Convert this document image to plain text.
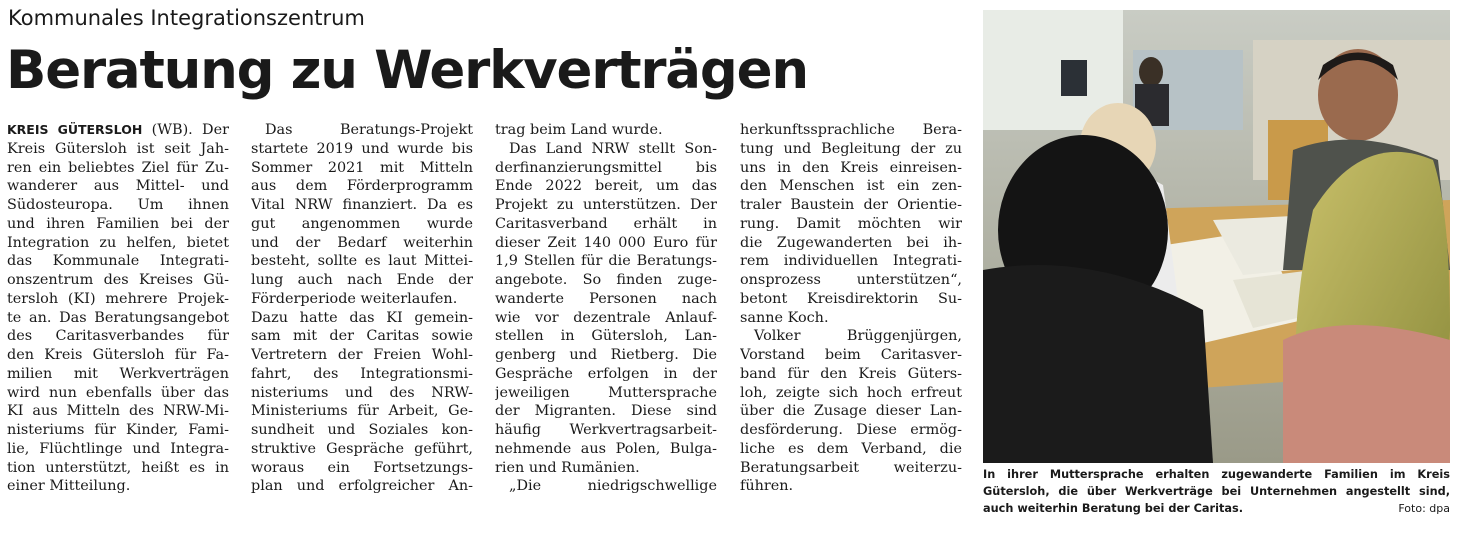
Kommunales Integrationszentrum
Beratung zu Werkverträgen
KREIS GÜTERSLOH (WB). Der
Kreis Gütersloh ist seit Jah-
ren ein beliebtes Ziel für Zu-
wanderer aus Mittel- und
Südosteuropa. Um ihnen
und ihren Familien bei der
Integration zu helfen, bietet
das Kommunale Integrati-
onszentrum des Kreises Gü-
tersloh (KI) mehrere Projek-
te an. Das Beratungsangebot
des Caritasverbandes für
den Kreis Gütersloh für Fa-
milien mit Werkverträgen
wird nun ebenfalls über das
KI aus Mitteln des NRW-Mi-
nisteriums für Kinder, Fami-
lie, Flüchtlinge und Integra-
tion unterstützt, heißt es in
einer Mitteilung.
Das Beratungs-Projekt
startete 2019 und wurde bis
Sommer 2021 mit Mitteln
aus dem Förderprogramm
Vital NRW finanziert. Da es
gut angenommen wurde
und der Bedarf weiterhin
besteht, sollte es laut Mittei-
lung auch nach Ende der
Förderperiode weiterlaufen.
Dazu hatte das KI gemein-
sam mit der Caritas sowie
Vertretern der Freien Wohl-
fahrt, des Integrationsmi-
nisteriums und des NRW-
Ministeriums für Arbeit, Ge-
sundheit und Soziales kon-
struktive Gespräche geführt,
woraus ein Fortsetzungs-
plan und erfolgreicher An-
trag beim Land wurde.
Das Land NRW stellt Son-
derfinanzierungsmittel bis
Ende 2022 bereit, um das
Projekt zu unterstützen. Der
Caritasverband erhält in
dieser Zeit 140 000 Euro für
1,9 Stellen für die Beratungs-
angebote. So finden zuge-
wanderte Personen nach
wie vor dezentrale Anlauf-
stellen in Gütersloh, Lan-
genberg und Rietberg. Die
Gespräche erfolgen in der
jeweiligen Muttersprache
der Migranten. Diese sind
häufig Werkvertragsarbeit-
nehmende aus Polen, Bulga-
rien und Rumänien.
„Die niedrigschwellige
herkunftssprachliche Bera-
tung und Begleitung der zu
uns in den Kreis einreisen-
den Menschen ist ein zen-
traler Baustein der Orientie-
rung. Damit möchten wir
die Zugewanderten bei ih-
rem individuellen Integrati-
onsprozess unterstützen“,
betont Kreisdirektorin Su-
sanne Koch.
Volker Brüggenjürgen,
Vorstand beim Caritasver-
band für den Kreis Güters-
loh, zeigte sich hoch erfreut
über die Zusage dieser Lan-
desförderung. Diese ermög-
liche es dem Verband, die
Beratungsarbeit weiterzu-
führen.
In ihrer Muttersprache erhalten zugewanderte Familien im Kreis
Gütersloh, die über Werkverträge bei Unternehmen angestellt sind,
auch weiterhin Beratung bei der Caritas.	Foto: dpa
